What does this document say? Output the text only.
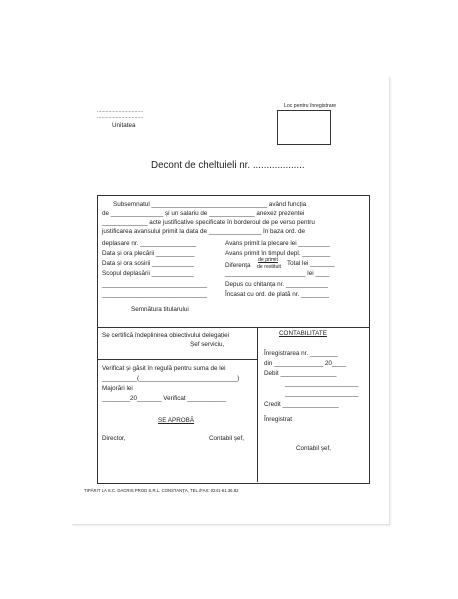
................................
................................
Unitatea
Loc pentru înregistrare
Decont de cheltuieli nr. ...................
Subsemnatul _________________________________ având funcția
de _______________ și un salariu de _____________ anexez prezentei
_____________ acte justificative specificate în borderoul de pe verso pentru
justificarea avansului primit la data de _______________ în baza ord. de
deplasare nr. ________________
Data și ora plecării ___________
Data și ora sosirii ____________
Scopul deplasării ____________
______________________________
______________________________
Avans primit la plecare lei _________
Avans primit în timpul depl. ________
Diferența
de primit
de restituit Total lei _______
_______________________ lei ____
Depus cu chitanța nr. ____________
Încasat cu ord. de plată nr. ________
Semnătura titularului
Se certifică îndeplinirea obiectivului delegației
Șef serviciu,
Verificat și găsit în regulă pentru suma de lei
__________(____________________________)
Majorări lei
________20_______ Verificat ___________
SE APROBĂ
Director,	Contabil șef,
CONTABILITATE
Înregistrarea nr. ________
din ______________ 20____
Debit ________________
_____________________
_____________________
Credit ________________
Înregistrat
Contabil șef,
TIPĂRIT LA S.C. DACRIS PROD S.R.L. CONSTANȚA, TEL./FAX: 0241-61.36.82
